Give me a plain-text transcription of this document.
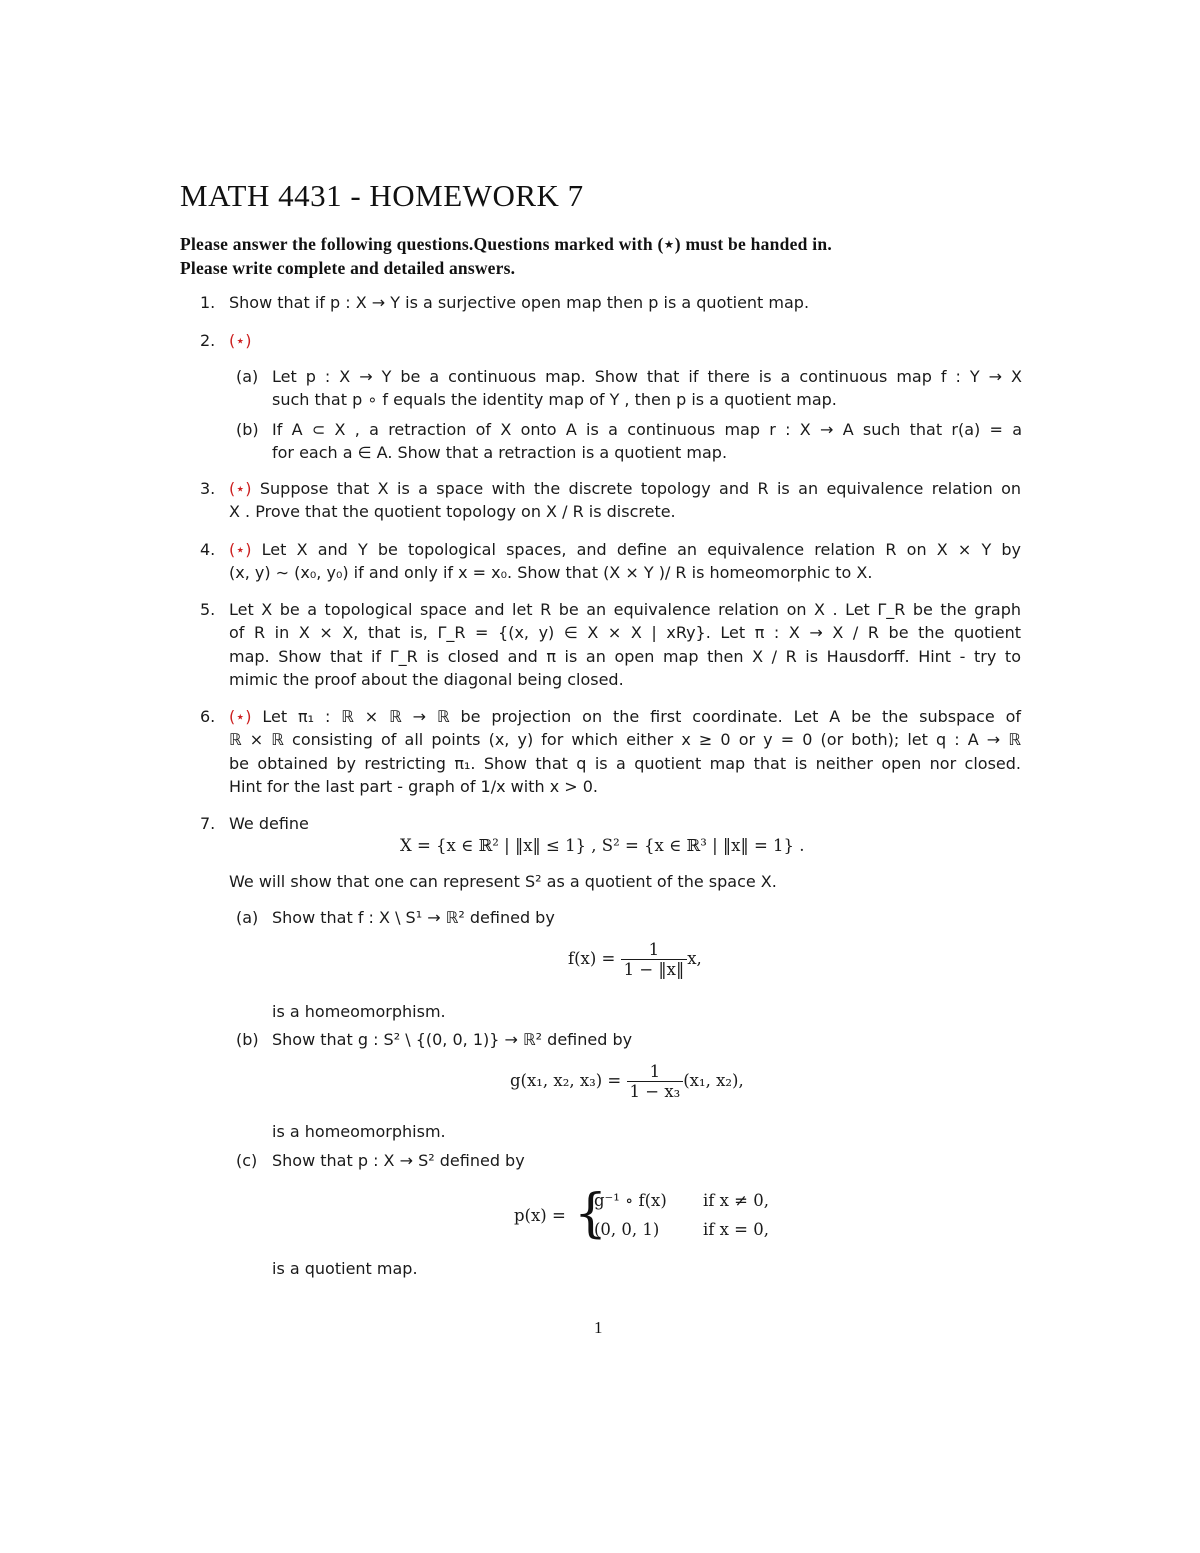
MATH 4431 - HOMEWORK 7
Please answer the following questions.Questions marked with (⋆) must be handed in.
Please write complete and detailed answers.
1. Show that if p : X → Y is a surjective open map then p is a quotient map.
2. (⋆)
(a) Let p : X → Y be a continuous map. Show that if there is a continuous map f : Y → X
such that p ∘ f equals the identity map of Y , then p is a quotient map.
(b) If A ⊂ X , a retraction of X onto A is a continuous map r : X → A such that r(a) = a
for each a ∈ A. Show that a retraction is a quotient map.
3. (⋆) Suppose that X is a space with the discrete topology and R is an equivalence relation on
X . Prove that the quotient topology on X / R is discrete.
4. (⋆) Let X and Y be topological spaces, and define an equivalence relation R on X × Y by
(x, y) ∼ (x₀, y₀) if and only if x = x₀. Show that (X × Y )/ R is homeomorphic to X.
5. Let X be a topological space and let R be an equivalence relation on X . Let Γ_R be the graph
of R in X × X, that is, Γ_R = {(x, y) ∈ X × X | xRy}. Let π : X → X / R be the quotient
map. Show that if Γ_R is closed and π is an open map then X / R is Hausdorff. Hint - try to
mimic the proof about the diagonal being closed.
6. (⋆) Let π₁ : ℝ × ℝ → ℝ be projection on the first coordinate. Let A be the subspace of
ℝ × ℝ consisting of all points (x, y) for which either x ≥ 0 or y = 0 (or both); let q : A → ℝ
be obtained by restricting π₁. Show that q is a quotient map that is neither open nor closed.
Hint for the last part - graph of 1/x with x > 0.
7. We define
X = {x ∈ ℝ² | ‖x‖ ≤ 1} , S² = {x ∈ ℝ³ | ‖x‖ = 1} .
We will show that one can represent S² as a quotient of the space X.
(a) Show that f : X \ S¹ → ℝ² defined by
$f(x) = \frac{1}{1 - ‖x‖} x$,
is a homeomorphism.
(b) Show that g : S² \ {(0, 0, 1)} → ℝ² defined by
g(x₁, x₂, $x_3) = \frac{1}{\text{1 − x₃}} (x_1$, x₂),
is a homeomorphism.
(c) Show that p : X → S² defined by
p(x) = {
g⁻¹ ∘ f(x) if x ≠ 0,
(0, 0, 1)	if x = 0,
is a quotient map.
1
